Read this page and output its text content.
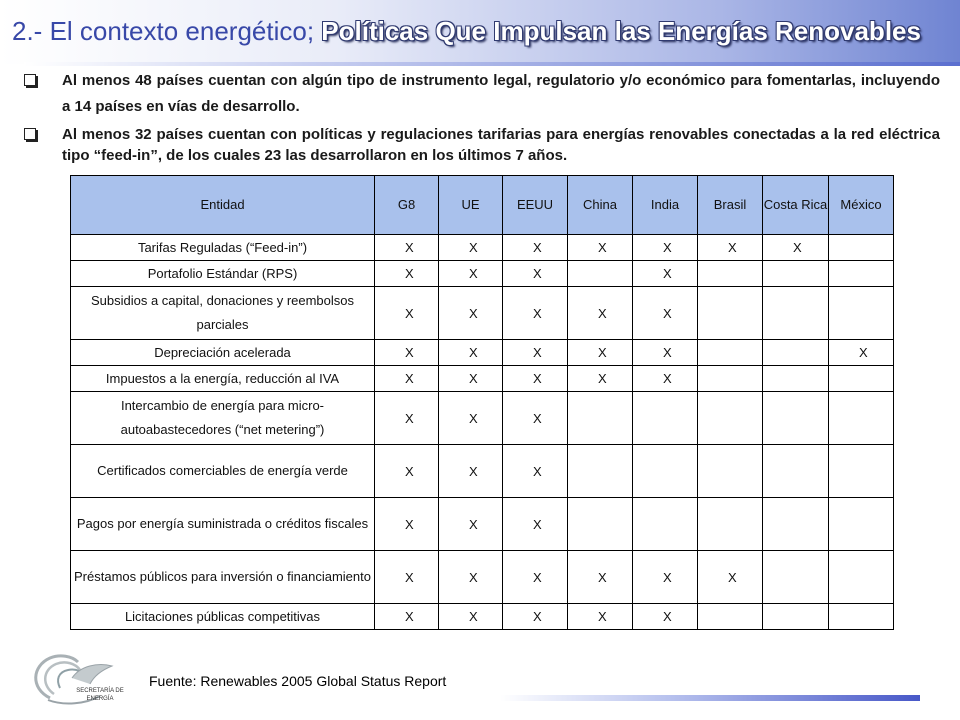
2.- El contexto energético; Políticas Que Impulsan las Energías Renovables
Al menos 48 países cuentan con algún tipo de instrumento legal, regulatorio y/o económico para fomentarlas, incluyendo a 14 países en vías de desarrollo.
Al menos 32 países cuentan con políticas y regulaciones tarifarias para energías renovables conectadas a la red eléctrica tipo “feed-in”, de los cuales 23 las desarrollaron en los últimos 7 años.
Entidad	G8	UE	EEUU	China	India	Brasil	Costa Rica	México
Tarifas Reguladas (“Feed-in”)	X	X	X	X	X	X	X	
Portafolio Estándar (RPS)	X	X	X		X			
Subsidios a capital, donaciones y reembolsos parciales	X	X	X	X	X			
Depreciación acelerada	X	X	X	X	X			X
Impuestos a la energía, reducción al IVA	X	X	X	X	X			
Intercambio de energía para micro-autoabastecedores (“net metering”)	X	X	X					
Certificados comerciables de energía verde	X	X	X					
Pagos por energía suministrada o créditos fiscales	X	X	X					
Préstamos públicos para inversión o financiamiento	X	X	X	X	X	X		
Licitaciones públicas competitivas	X	X	X	X	X			
Fuente: Renewables 2005 Global Status Report
SECRETARÍA DE
ENERGÍA
